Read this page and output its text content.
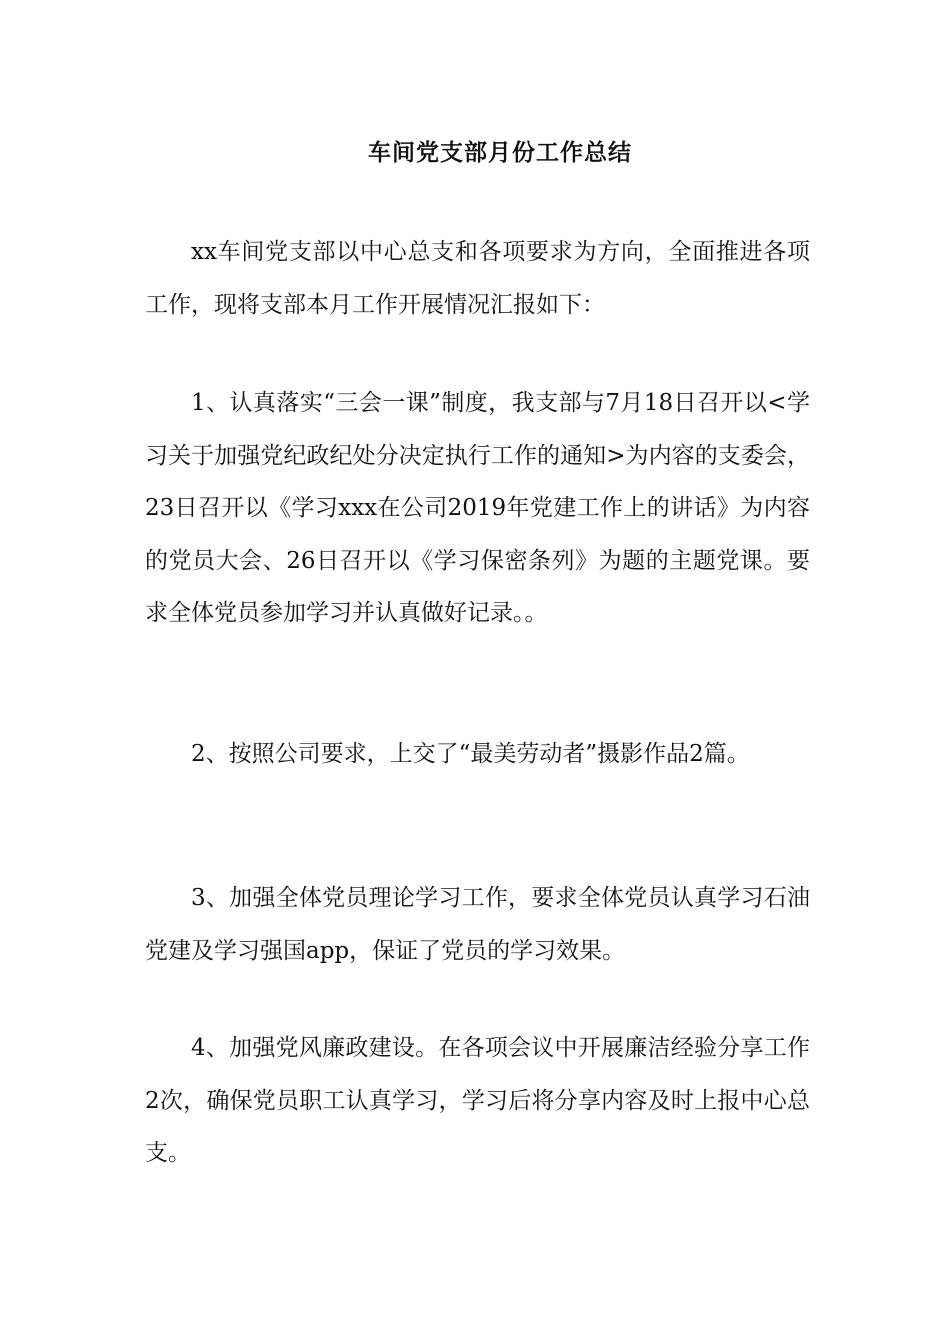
车间党支部月份工作总结

xx车间党支部以中心总支和各项要求为方向，全面推进各项工作，现将支部本月工作开展情况汇报如下：

1、认真落实“三会一课”制度，我支部与7月18日召开以<学习关于加强党纪政纪处分决定执行工作的通知>为内容的支委会，23日召开以《学习xxx在公司2019年党建工作上的讲话》为内容的党员大会、26日召开以《学习保密条列》为题的主题党课。要求全体党员参加学习并认真做好记录。。

2、按照公司要求，上交了“最美劳动者”摄影作品2篇。

3、加强全体党员理论学习工作，要求全体党员认真学习石油党建及学习强国app，保证了党员的学习效果。

4、加强党风廉政建设。在各项会议中开展廉洁经验分享工作2次，确保党员职工认真学习，学习后将分享内容及时上报中心总支。
